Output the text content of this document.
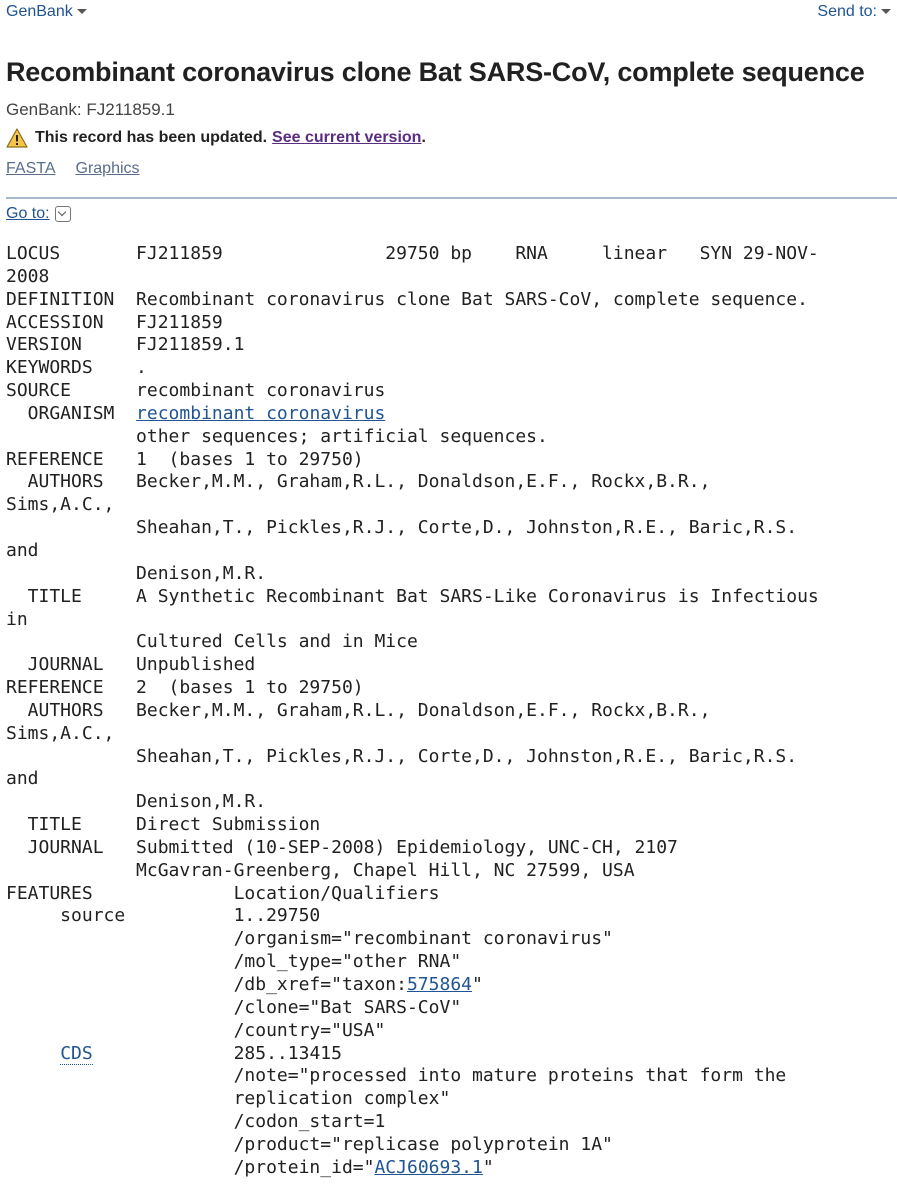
GenBank	Send to:
Recombinant coronavirus clone Bat SARS-CoV, complete sequence
GenBank: FJ211859.1
This record has been updated. See current version .
FASTA Graphics
Go to:
LOCUS       FJ211859               29750 bp    RNA     linear   SYN 29-NOV-
2008
DEFINITION  Recombinant coronavirus clone Bat SARS-CoV, complete sequence.
ACCESSION   FJ211859
VERSION     FJ211859.1
KEYWORDS    .
SOURCE      recombinant coronavirus
ORGANISM  recombinant coronavirus
other sequences; artificial sequences.
REFERENCE   1  (bases 1 to 29750)
AUTHORS   Becker,M.M., Graham,R.L., Donaldson,E.F., Rockx,B.R.,
Sims,A.C.,
Sheahan,T., Pickles,R.J., Corte,D., Johnston,R.E., Baric,R.S.
and
Denison,M.R.
TITLE     A Synthetic Recombinant Bat SARS-Like Coronavirus is Infectious
in
Cultured Cells and in Mice
JOURNAL   Unpublished
REFERENCE   2  (bases 1 to 29750)
AUTHORS   Becker,M.M., Graham,R.L., Donaldson,E.F., Rockx,B.R.,
Sims,A.C.,
Sheahan,T., Pickles,R.J., Corte,D., Johnston,R.E., Baric,R.S.
and
Denison,M.R.
TITLE     Direct Submission
JOURNAL   Submitted (10-SEP-2008) Epidemiology, UNC-CH, 2107
McGavran-Greenberg, Chapel Hill, NC 27599, USA
FEATURES             Location/Qualifiers
source          1..29750
/organism="recombinant coronavirus"
/mol_type="other RNA"
/db_xref="taxon:575864"
/clone="Bat SARS-CoV"
/country="USA"
CDS	285..13415
/note="processed into mature proteins that form the
replication complex"
/codon_start=1
/product="replicase polyprotein 1A"
/protein_id="ACJ60693.1"
